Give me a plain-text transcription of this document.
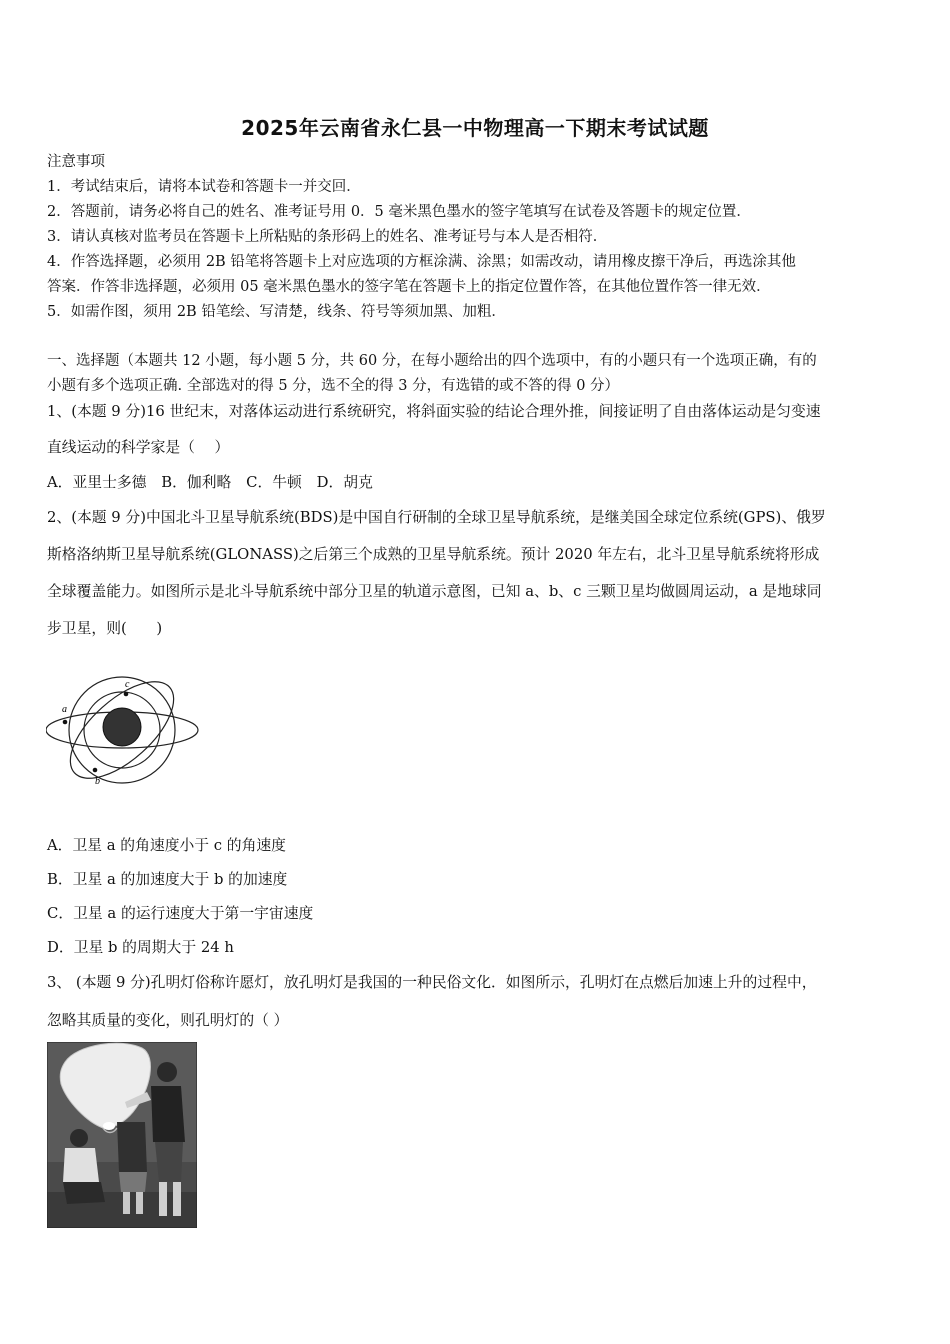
2025年云南省永仁县一中物理高一下期末考试试题
注意事项
1．考试结束后，请将本试卷和答题卡一并交回．
2．答题前，请务必将自己的姓名、准考证号用 0．5 毫米黑色墨水的签字笔填写在试卷及答题卡的规定位置．
3．请认真核对监考员在答题卡上所粘贴的条形码上的姓名、准考证号与本人是否相符．
4．作答选择题，必须用 2B 铅笔将答题卡上对应选项的方框涂满、涂黑；如需改动，请用橡皮擦干净后，再选涂其他
答案．作答非选择题，必须用 05 毫米黑色墨水的签字笔在答题卡上的指定位置作答，在其他位置作答一律无效．
5．如需作图，须用 2B 铅笔绘、写清楚，线条、符号等须加黑、加粗．
一、选择题（本题共 12 小题，每小题 5 分，共 60 分，在每小题给出的四个选项中，有的小题只有一个选项正确，有的
小题有多个选项正确. 全部选对的得 5 分，选不全的得 3 分，有选错的或不答的得 0 分）
1、(本题 9 分)16 世纪末，对落体运动进行系统研究，将斜面实验的结论合理外推，间接证明了自由落体运动是匀变速
直线运动的科学家是（　 ）
A．亚里士多德　B．伽利略　C．牛顿　D．胡克
2、(本题 9 分)中国北斗卫星导航系统(BDS)是中国自行研制的全球卫星导航系统，是继美国全球定位系统(GPS)、俄罗
斯格洛纳斯卫星导航系统(GLONASS)之后第三个成熟的卫星导航系统。预计 2020 年左右，北斗卫星导航系统将形成
全球覆盖能力。如图所示是北斗导航系统中部分卫星的轨道示意图，已知 a、b、c 三颗卫星均做圆周运动，a 是地球同
步卫星，则(　　)
a
c
b
A．卫星 a 的角速度小于 c 的角速度
B．卫星 a 的加速度大于 b 的加速度
C．卫星 a 的运行速度大于第一宇宙速度
D．卫星 b 的周期大于 24 h
3、 (本题 9 分)孔明灯俗称许愿灯，放孔明灯是我国的一种民俗文化．如图所示，孔明灯在点燃后加速上升的过程中，
忽略其质量的变化，则孔明灯的（ ）
